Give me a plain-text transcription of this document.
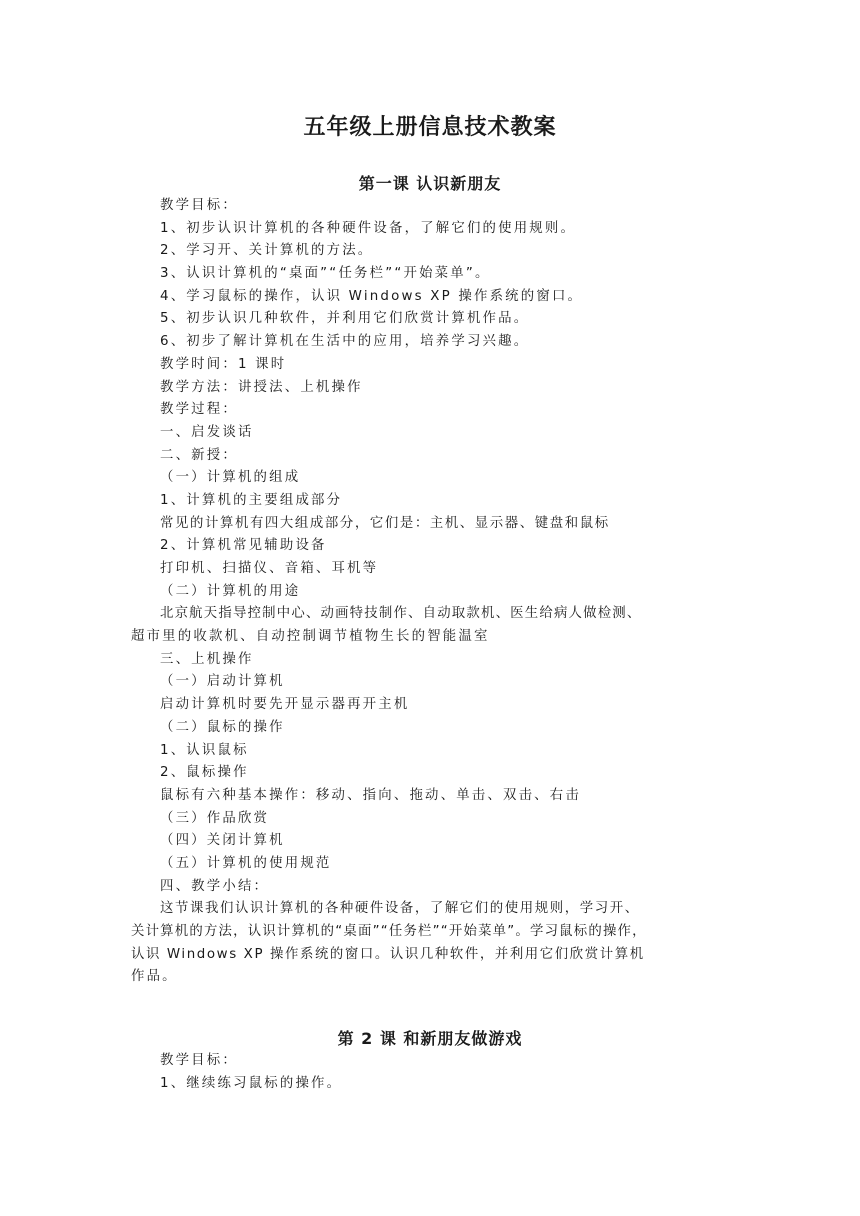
五年级上册信息技术教案
第一课 认识新朋友
教学目标：
1、初步认识计算机的各种硬件设备，了解它们的使用规则。
2、学习开、关计算机的方法。
3、认识计算机的“桌面”“任务栏”“开始菜单”。
4、学习鼠标的操作，认识 Windows XP 操作系统的窗口。
5、初步认识几种软件，并利用它们欣赏计算机作品。
6、初步了解计算机在生活中的应用，培养学习兴趣。
教学时间：1 课时
教学方法：讲授法、上机操作
教学过程：
一、启发谈话
二、新授：
（一）计算机的组成
1、计算机的主要组成部分
常见的计算机有四大组成部分，它们是：主机、显示器、键盘和鼠标
2、计算机常见辅助设备
打印机、扫描仪、音箱、耳机等
（二）计算机的用途
北京航天指导控制中心、动画特技制作、自动取款机、医生给病人做检测、
超市里的收款机、自动控制调节植物生长的智能温室
三、上机操作
（一）启动计算机
启动计算机时要先开显示器再开主机
（二）鼠标的操作
1、认识鼠标
2、鼠标操作
鼠标有六种基本操作：移动、指向、拖动、单击、双击、右击
（三）作品欣赏
（四）关闭计算机
（五）计算机的使用规范
四、教学小结：
这节课我们认识计算机的各种硬件设备，了解它们的使用规则，学习开、
关计算机的方法，认识计算机的“桌面”“任务栏”“开始菜单”。学习鼠标的操作，
认识 Windows XP 操作系统的窗口。认识几种软件，并利用它们欣赏计算机
作品。
第 2 课 和新朋友做游戏
教学目标：
1、继续练习鼠标的操作。
